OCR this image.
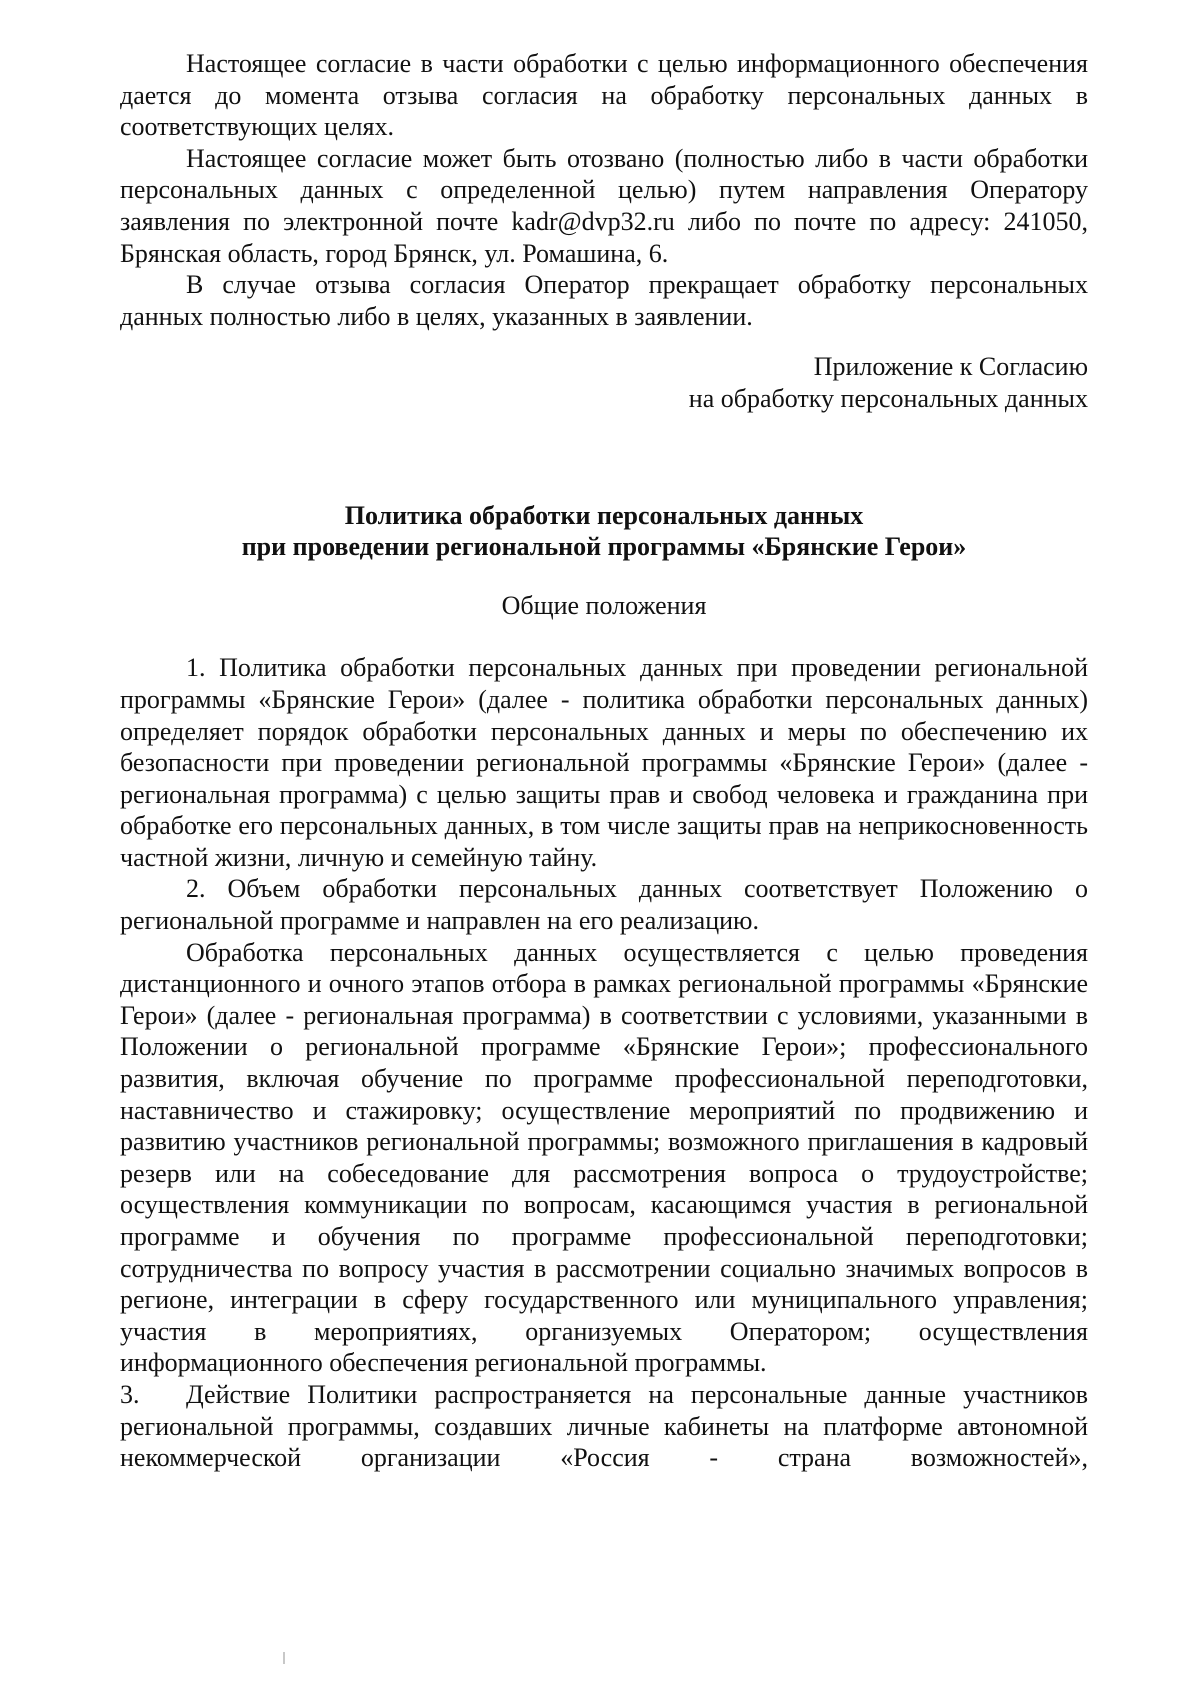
Настоящее согласие в части обработки с целью информационного обеспечения дается до момента отзыва согласия на обработку персональных данных в соответствующих целях.

Настоящее согласие может быть отозвано (полностью либо в части обработки персональных данных с определенной целью) путем направления Оператору заявления по электронной почте kadr@dvp32.ru либо по почте по адресу: 241050, Брянская область, город Брянск, ул. Ромашина, 6.

В случае отзыва согласия Оператор прекращает обработку персональных данных полностью либо в целях, указанных в заявлении.

Приложение к Согласию

на обработку персональных данных

Политика обработки персональных данных

при проведении региональной программы «Брянские Герои»

Общие положения

1. Политика обработки персональных данных при проведении региональной программы «Брянские Герои» (далее - политика обработки персональных данных) определяет порядок обработки персональных данных и меры по обеспечению их безопасности при проведении региональной программы «Брянские Герои» (далее - региональная программа) с целью защиты прав и свобод человека и гражданина при обработке его персональных данных, в том числе защиты прав на неприкосновенность частной жизни, личную и семейную тайну.

2. Объем обработки персональных данных соответствует Положению о региональной программе и направлен на его реализацию.

Обработка персональных данных осуществляется с целью проведения дистанционного и очного этапов отбора в рамках региональной программы «Брянские Герои» (далее - региональная программа) в соответствии с условиями, указанными в Положении о региональной программе «Брянские Герои»; профессионального развития, включая обучение по программе профессиональной переподготовки, наставничество и стажировку; осуществление мероприятий по продвижению и развитию участников региональной программы; возможного приглашения в кадровый резерв или на собеседование для рассмотрения вопроса о трудоустройстве; осуществления коммуникации по вопросам, касающимся участия в региональной программе и обучения по программе профессиональной переподготовки; сотрудничества по вопросу участия в рассмотрении социально значимых вопросов в регионе, интеграции в сферу государственного или муниципального управления; участия в мероприятиях, организуемых Оператором; осуществления информационного обеспечения региональной программы.

3. Действие Политики распространяется на персональные данные участников региональной программы, создавших личные кабинеты на платформе автономной некоммерческой организации «Россия - страна возможностей»,
